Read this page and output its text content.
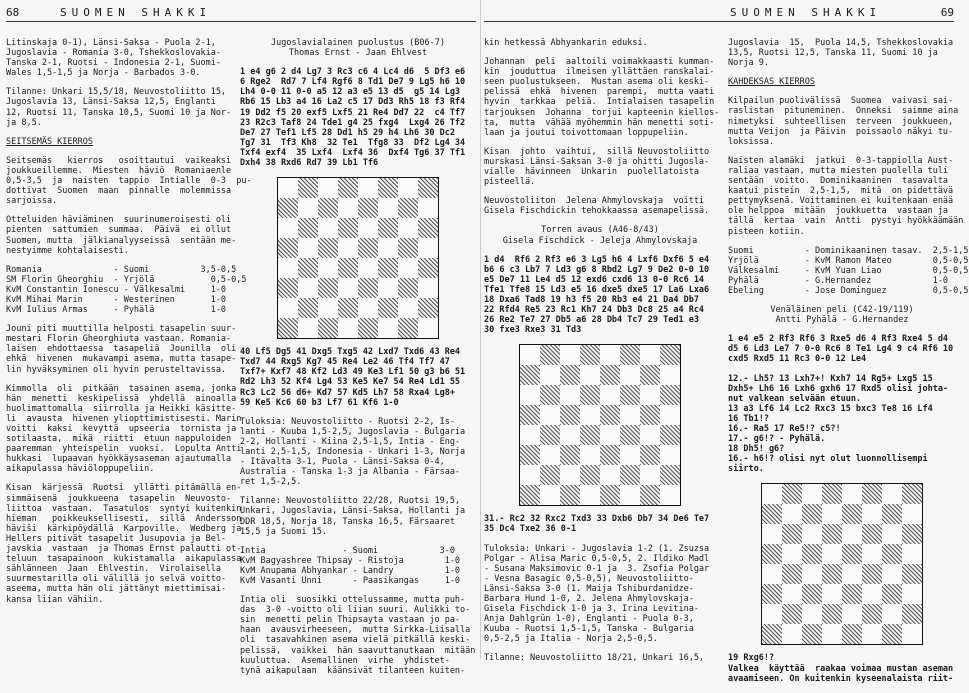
68	SUOMEN SHAKKI

Litinskaja 0-1), Länsi-Saksa - Puola 2-1,
Jugoslavia - Romania 3-0, Tshekkoslovakia-
Tanska 2-1, Ruotsi - Indonesia 2-1, Suomi-
Wales 1,5-1,5 ja Norja - Barbados 3-0.

Tilanne: Unkari 15,5/18, Neuvostoliitto 15,
Jugoslavia 13, Länsi-Saksa 12,5, Englanti
12, Ruotsi 11, Tanska 10,5, Suomi 10 ja Nor-
ja 8,5.

SEITSEMÄS KIERROS

Seitsemäs   kierros   osoittautui  vaikeaksi
joukkueillemme.  Miesten  häviö  Romaniaелle
0,5-3,5  ja  naisten  tappio  Intialle  0-3  pu-
dottivat  Suomen  maan  pinnalle  molemmissa
sarjoissa.

Otteluiden häviäminen  suurinumeroisesti oli
pienten  sattumien  summaa.  Päivä  ei ollut
Suomen, mutta  jälkianalyyseissä  sentään me-
nestyimme kohtalaisesti.

Romania              - Suomi          3,5-0,5
SM Florin Gheorghiu  - Yrjölä           0,5-0,5
KvM Constantin Ionescu - Välkesalmi     1-0
KvM Mihai Marin      - Westerinen       1-0
KvM Iulius Armas     - Pyhälä           1-0

Jouni piti muuttilla helposti tasapelin suur-
mestari Florin Gheorghiuta vastaan. Romania-
laisen  ehdottaessa  tasapeliä  Jounilla  oli
ehkä  hivenen  mukavampi asema, mutta tasape-
lin hyväksyminen oli hyvin perusteltavissa.

Kimmolla  oli  pitkään  tasainen asema, jonka
hän  menetti  keskipelissä  yhdellä  ainoalla
huolimattomalla  siirrolla ja Heikki käsitte-
li  avausta  hivenen yliopttimistisesti. Marin
voitti  kaksi  kevyttä  upseeria  tornista ja
sotilaasta,  mikä  riitti  etuun nappuloiden
paaremman  yhteispelin  vuoksi.  Lopulta Antti
hukkasi  lupaavan hyökkäysaseman ajautumalla
aikapulassa häviöloppupeliin.

Kisan  kärjessä  Ruotsi  yllätti pitämällä en-
simmäisenä  joukkueena  tasapelin  Neuvosto-
liittoa  vastaan.  Tasatulos  syntyi kuitenkin
hieman   poikkeuksellisesti,  sillä  Andersson
häviši  kärkipöydällä  Karpoville.  Wedberg ja
Hellers pitivät tasapelit Jusupovia ja Bel-
javskia  vastaan  ja Thomas Ernst palautti ot-
teluun  tasapainoon  kukistamalla  aikapulassa
sählänneen  Jaan  Ehlvestin.  Virolaisella
suurmestarilla oli välillä jo selvä voitto-
aseema, mutta hän oli jättänyt miettimisai-
kansa liian vähiin.

Jugoslavialainen puolustus (B06-7)
Thomas Ernst - Jaan Ehlvest

1 e4 g6 2 d4 Lg7 3 Rc3 c6 4 Lc4 d6  5 Df3 e6
6 Rge2  Rd7 7 Lf4 Rgf6 8 Td1 De7 9 Lg5 h6 10
Lh4 0-0 11 0-0 a5 12 a3 e5 13 d5  g5 14 Lg3
Rb6 15 Lb3 a4 16 La2 c5 17 Dd3 Rh5 18 f3 Rf4
19 Dd2 f5 20 exf5 Lxf5 21 Re4 Dd7 22  c4 Tf7
23 R2c3 Taf8 24 Tde1 g4 25 fxg4  Lxg4 26 Tf2
De7 27 Tef1 Lf5 28 Dd1 h5 29 h4 Lh6 30 Dc2
Tg7 31  Tf3 Kh8  32 Te1  Tfg8 33  Df2 Lg4 34
Txf4 exf4  35 Lxf4  Lxf4 36  Dxf4 Tg6 37 Tf1
Dxh4 38 Rxd6 Rd7 39 Lb1 Tf6

40 Lf5 Dg5 41 Dxg5 Txg5 42 Lxd7 Txd6 43 Re4
Txd7 44 Rxg5 Kg7 45 Re4 Le2 46 Tf4 Tf7 47
Txf7+ Kxf7 48 Kf2 Ld3 49 Ke3 Lf1 50 g3 b6 51
Rd2 Lh3 52 Kf4 Lg4 53 Ke5 Ke7 54 Re4 Ld1 55
Rc3 Lc2 56 d6+ Kd7 57 Kd5 Lh7 58 Rxa4 Lg8+
59 Ke5 Kc6 60 b3 Lf7 61 Kf6 1-0

Tuloksia: Neuvostoliitto - Ruotsi 2-2, Is-
lanti - Kuuba 1,5-2,5, Jugoslavia - Bulgaria
2-2, Hollanti - Kiina 2,5-1,5, Intia - Eng-
lanti 2,5-1,5, Indonesia - Unkari 1-3, Norja
- Itävalta 3-1, Puola - Länsi-Saksa 0-4,
Australia - Tanska 1-3 ja Albania - Färsaa-
ret 1,5-2,5.

Tilanne: Neuvostoliitto 22/28, Ruotsi 19,5,
Unkari, Jugoslavia, Länsi-Saksa, Hollanti ja
DDR 18,5, Norja 18, Tanska 16,5, Färsaaret
15,5 ja Suomi 15.

Intia               - Suomi            3-0
KvM Bagyashree Thipsay - Ristoja        1-0
KvM Anupama Abhyankar - Landry          1-0
KvM Vasanti Unni      - Paasikangas     1-0

Intia oli  suosikki ottelussamme, mutta puh-
das  3-0 -voitto oli liian suuri. Aulikki to-
sin  menetti pelin Thipsayta vastaan jo pa-
haan  avausvirheeseen,  mutta Sirkka-Liisalla
oli  tasavahkinen asema vielä pitkällä keski-
pelissä,  vaikkei  hän saavuttanutkaan  mitään
kuuluttua.  Asemallinen  virhe  yhdistet-
tynä aikapulaan  käänsivät tilanteen kuiten-

SUOMEN SHAKKI	69

kin hetkessä Abhyankarin eduksi.

Johannan  peli  aaltoili voimakkaasti kumman-
kin  jouduttua  ilmeisen yllättäen ranskalai-
seen puolustukseen.  Mustan asema oli keski-
pelissä  ehkä  hivenen  parempi,  mutta vaati
hyvin  tarkkaa  peliä.  Intialaisen tasapelin
tarjouksen  Johanna  torjui kapteenin kiellos-
ta,  mutta  vähää myöhemmin hän menetti soti-
laan ja joutui toivottomaan loppupeliin.

Kisan  johto  vaihtui,  sillä Neuvostoliitto
murskasi Länsi-Saksan 3-0 ja ohitti Jugosla-
vialle  hävinneen  Unkarin  puolellatoista
pisteellä.

Neuvostoliiton  Jelena Ahmylovskaja  voitti
Gisela Fischdickin tehokkaassa asemapelissä.

Torren avaus (A46-8/43)
Gisela Fischdick - Jeleja Ahmylovskaja

1 d4  Rf6 2 Rf3 e6 3 Lg5 h6 4 Lxf6 Dxf6 5 e4
b6 6 c3 Lb7 7 Ld3 g6 8 Rbd2 Lg7 9 De2 0-0 10
e5 De7 11 Le4 d5 12 exd6 cxd6 13 0-0 Rc6 14
Tfe1 Tfe8 15 Ld3 e5 16 dxe5 dxe5 17 La6 Lxa6
18 Dxa6 Tad8 19 h3 f5 20 Rb3 e4 21 Da4 Db7
22 Rfd4 Re5 23 Rc1 Kh7 24 Db3 Dc8 25 a4 Rc4
26 Re2 Te7 27 Db5 a6 28 Db4 Tc7 29 Ted1 e3
30 fxe3 Rxe3 31 Td3

31.- Rc2 32 Rxc2 Txd3 33 Dxb6 Db7 34 De6 Te7
35 Dc4 Txe2 36 0-1

Tuloksia: Unkari - Jugoslavia 1-2 (1. Zsuzsa
Polgar - Alisa Maric 0,5-0,5, 2. Ildiko Madl
- Susana Maksimovic 0-1 ja  3. Zsofia Polgar
- Vesna Basagic 0,5-0,5), Neuvostoliitto-
Länsi-Saksa 3-0 (1. Maija Tshiburdanidze-
Barbara Hund 1-0, 2. Jelena Ahmylovskaja-
Gisela Fischdick 1-0 ja 3. Irina Levitina-
Anja Dahlgrün 1-0), Englanti - Puola 0-3,
Kuuba - Ruotsi 1,5-1,5, Tanska - Bulgaria
0,5-2,5 ja Italia - Norja 2,5-0,5.

Tilanne: Neuvostoliitto 18/21, Unkari 16,5,

Jugoslavia  15,  Puola 14,5, Tshekkoslovakia
13,5, Ruotsi 12,5, Tanska 11, Suomi 10 ja
Norja 9.

KAHDEKSAS KIERROS

Kilpailun puolivälissä  Suomea  vaivasi sai-
raslistan  pituneminen.  Onneksi  saimme aina
nimetyksi  suhteellisen  terveen  joukkueen,
mutta Veijon  ja Päivin  poissaolo näkyi tu-
loksissa.

Naisten alamäki  jatkui  0-3-tappiolla Aust-
raliaa vastaan, mutta miesten puolella tuli
sentään  voitto.  Dominikaaninen  tasavalta
kaatui pisteín  2,5-1,5,  mitä  on pidettävä
pettymyksenä. Voittaminen ei kuitenkaan enää
ole helppoa  mitään  joukkuetta  vastaan ja
tällä  kertaa  vain  Antti  pystyi hyökkäämään
pisteen kotiin.

Suomi          - Dominikaaninen tasav.  2,5-1,5
Yrjölä         - KvM Ramon Mateo        0,5-0,5
Välkesalmi     - KvM Yuan Liao          0,5-0,5
Pyhälä         - G.Hernandez            1-0
Ebeling        - Jose Dominguez         0,5-0,5

Venäläinen peli (C42-19/119)
Antti Pyhälä - G.Hernandez

1 e4 e5 2 Rf3 Rf6 3 Rxe5 d6 4 Rf3 Rxe4 5 d4
d5 6 Ld3 Le7 7 0-0 Rc6 8 Te1 Lg4 9 c4 Rf6 10
cxd5 Rxd5 11 Rc3 0-0 12 Le4

12.- Lh5? 13 Lxh7+! Kxh7 14 Rg5+ Lxg5 15
Dxh5+ Lh6 16 Lxh6 gxh6 17 Rxd5 olisi johta-
nut valkean selvään etuun.
13 a3 Lf6 14 Lc2 Rxc3 15 bxc3 Te8 16 Lf4
16 Tb1!?
16.- Ra5 17 Re5!? c5?!
17.- g6!? - Pyhälä.
18 Dh5! g6?
16.- h6!? olisi nyt olut luonnollisempi
siirto.

19 Rxg6!?
Valkea  käyttää  raakaa voimaa mustan aseman
avaamiseen. On kuitenkin kyseenalaista riit-
